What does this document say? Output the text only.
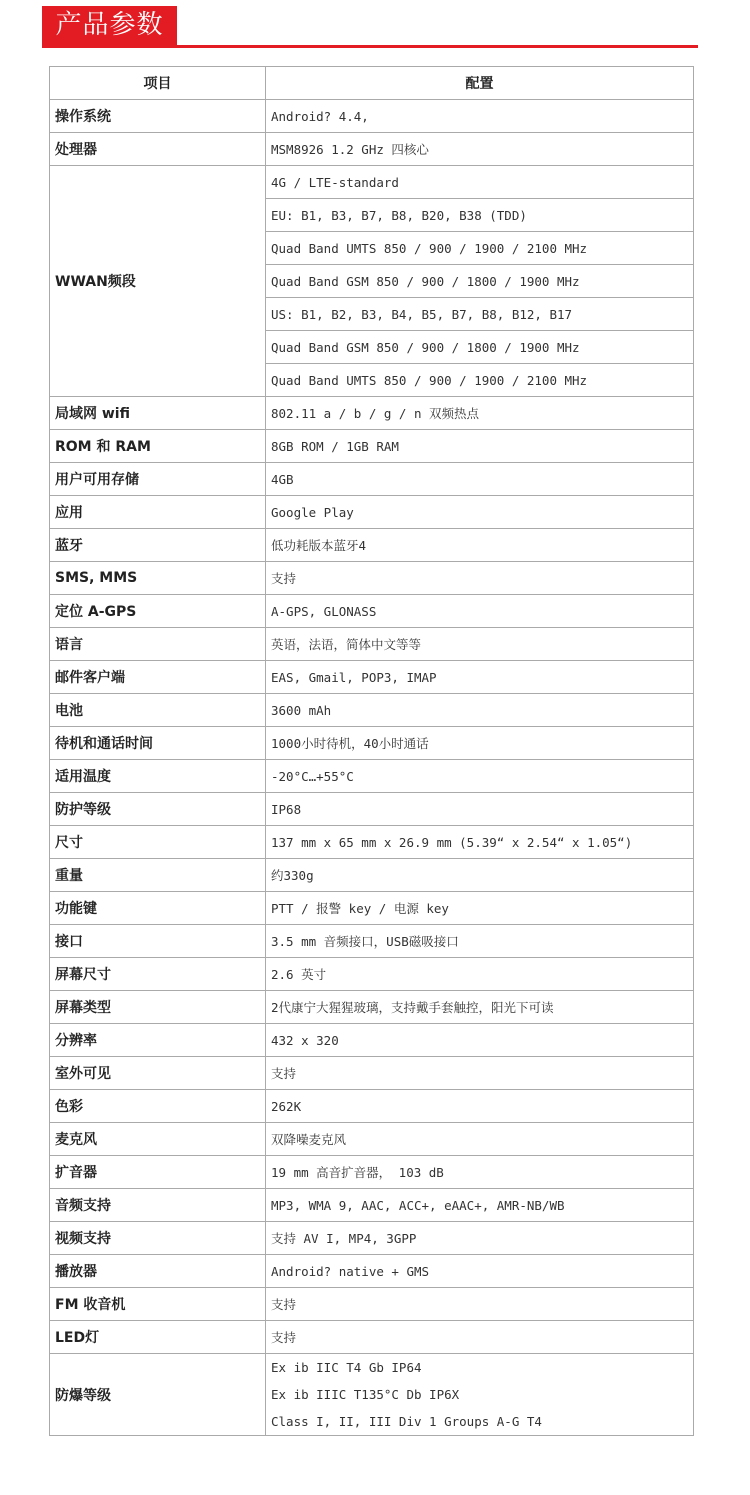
产品参数
项目	配置
操作系统	Android? 4.4,
处理器	MSM8926 1.2 GHz 四核心
WWAN频段	4G / LTE-standard
	EU: B1, B3, B7, B8, B20, B38 (TDD)
	Quad Band UMTS 850 / 900 / 1900 / 2100 MHz
	Quad Band GSM 850 / 900 / 1800 / 1900 MHz
	US: B1, B2, B3, B4, B5, B7, B8, B12, B17
	Quad Band GSM 850 / 900 / 1800 / 1900 MHz
	Quad Band UMTS 850 / 900 / 1900 / 2100 MHz
局域网 wifi	802.11 a / b / g / n 双频热点
ROM 和 RAM	8GB ROM / 1GB RAM
用户可用存储	4GB
应用	Google Play
蓝牙	低功耗版本蓝牙4
SMS, MMS	支持
定位 A-GPS	A-GPS, GLONASS
语言	英语，法语，简体中文等等
邮件客户端	EAS, Gmail, POP3, IMAP
电池	3600 mAh
待机和通话时间	1000小时待机，40小时通话
适用温度	-20°C…+55°C
防护等级	IP68
尺寸	137 mm x 65 mm x 26.9 mm (5.39“ x 2.54“ x 1.05“)
重量	约330g
功能键	PTT / 报警 key / 电源 key
接口	3.5 mm 音频接口，USB磁吸接口
屏幕尺寸	2.6 英寸
屏幕类型	2代康宁大猩猩玻璃，支持戴手套触控，阳光下可读
分辨率	432 x 320
室外可见	支持
色彩	262K
麦克风	双降噪麦克风
扩音器	19 mm 高音扩音器， 103 dB
音频支持	MP3, WMA 9, AAC, ACC+, eAAC+, AMR-NB/WB
视频支持	支持 AV I, MP4, 3GPP
播放器	Android? native + GMS
FM 收音机	支持
LED灯	支持
防爆等级	Ex ib IIC T4 Gb IP64
Ex ib IIIC T135°C Db IP6X
Class I, II, III Div 1 Groups A-G T4
